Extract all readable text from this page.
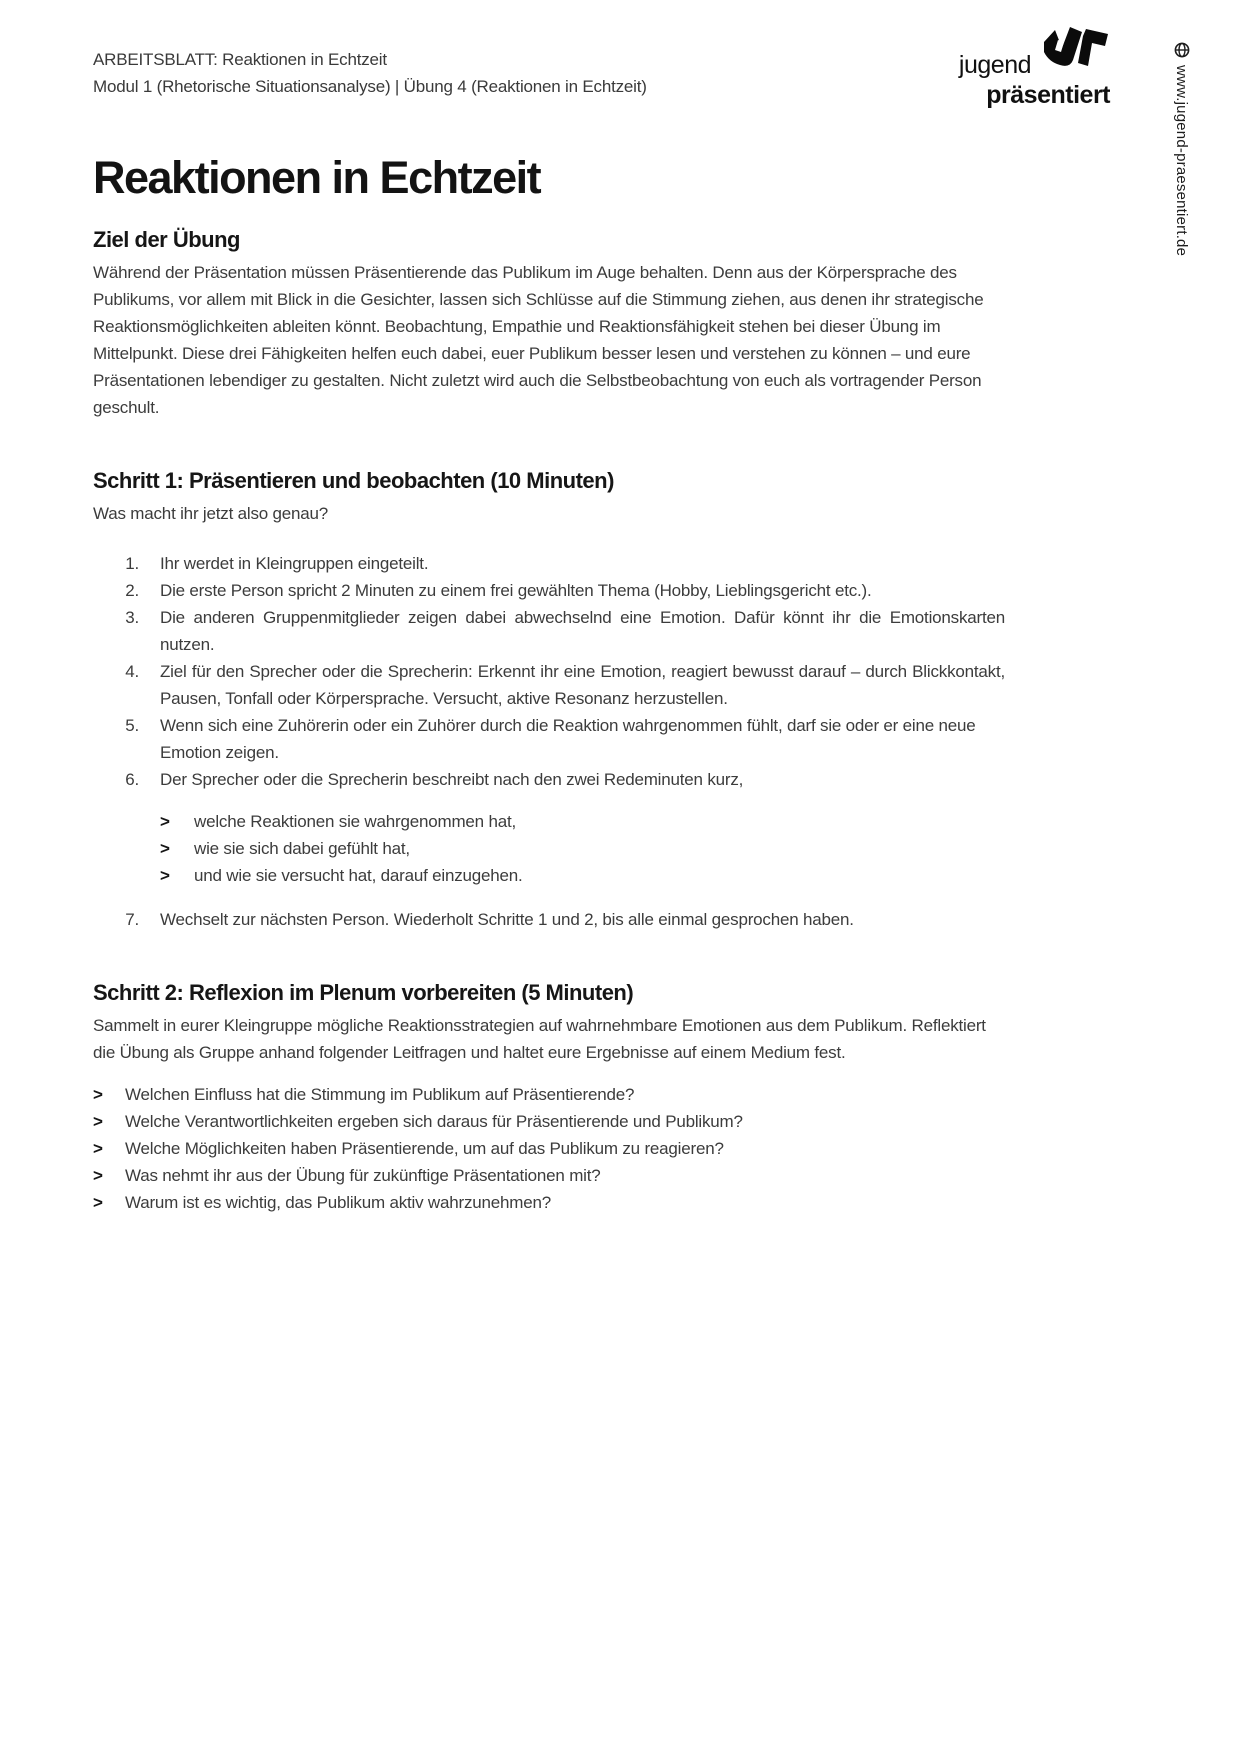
ARBEITSBLATT: Reaktionen in Echtzeit
Modul 1 (Rhetorische Situationsanalyse) | Übung 4 (Reaktionen in Echtzeit)
jugend
präsentiert	www.jugend-praesentiert.de
Reaktionen in Echtzeit
Ziel der Übung

Während der Präsentation müssen Präsentierende das Publikum im Auge behalten. Denn aus der Körpersprache des Publikums, vor allem mit Blick in die Gesichter, lassen sich Schlüsse auf die Stimmung ziehen, aus denen ihr strategische Reaktionsmöglichkeiten ableiten könnt. Beobachtung, Empathie und Reaktionsfähigkeit stehen bei dieser Übung im Mittelpunkt. Diese drei Fähigkeiten helfen euch dabei, euer Publikum besser lesen und verstehen zu können – und eure Präsentationen lebendiger zu gestalten. Nicht zuletzt wird auch die Selbstbeobachtung von euch als vortragender Person geschult.

Schritt 1: Präsentieren und beobachten (10 Minuten)

Was macht ihr jetzt also genau?

1. Ihr werdet in Kleingruppen eingeteilt.
2. Die erste Person spricht 2 Minuten zu einem frei gewählten Thema (Hobby, Lieblingsgericht etc.).
3. Die anderen Gruppenmitglieder zeigen dabei abwechselnd eine Emotion. Dafür könnt ihr die Emotionskarten nutzen.
4. Ziel für den Sprecher oder die Sprecherin: Erkennt ihr eine Emotion, reagiert bewusst darauf – durch Blickkontakt, Pausen, Tonfall oder Körpersprache. Versucht, aktive Resonanz herzustellen.
5. Wenn sich eine Zuhörerin oder ein Zuhörer durch die Reaktion wahrgenommen fühlt, darf sie oder er eine neue Emotion zeigen.
6. Der Sprecher oder die Sprecherin beschreibt nach den zwei Redeminuten kurz,
> welche Reaktionen sie wahrgenommen hat,
> wie sie sich dabei gefühlt hat,
> und wie sie versucht hat, darauf einzugehen.
7. Wechselt zur nächsten Person. Wiederholt Schritte 1 und 2, bis alle einmal gesprochen haben.
Schritt 2: Reflexion im Plenum vorbereiten (5 Minuten)

Sammelt in eurer Kleingruppe mögliche Reaktionsstrategien auf wahrnehmbare Emotionen aus dem Publikum. Reflektiert die Übung als Gruppe anhand folgender Leitfragen und haltet eure Ergebnisse auf einem Medium fest.

> Welchen Einfluss hat die Stimmung im Publikum auf Präsentierende?
> Welche Verantwortlichkeiten ergeben sich daraus für Präsentierende und Publikum?
> Welche Möglichkeiten haben Präsentierende, um auf das Publikum zu reagieren?
> Was nehmt ihr aus der Übung für zukünftige Präsentationen mit?
> Warum ist es wichtig, das Publikum aktiv wahrzunehmen?
